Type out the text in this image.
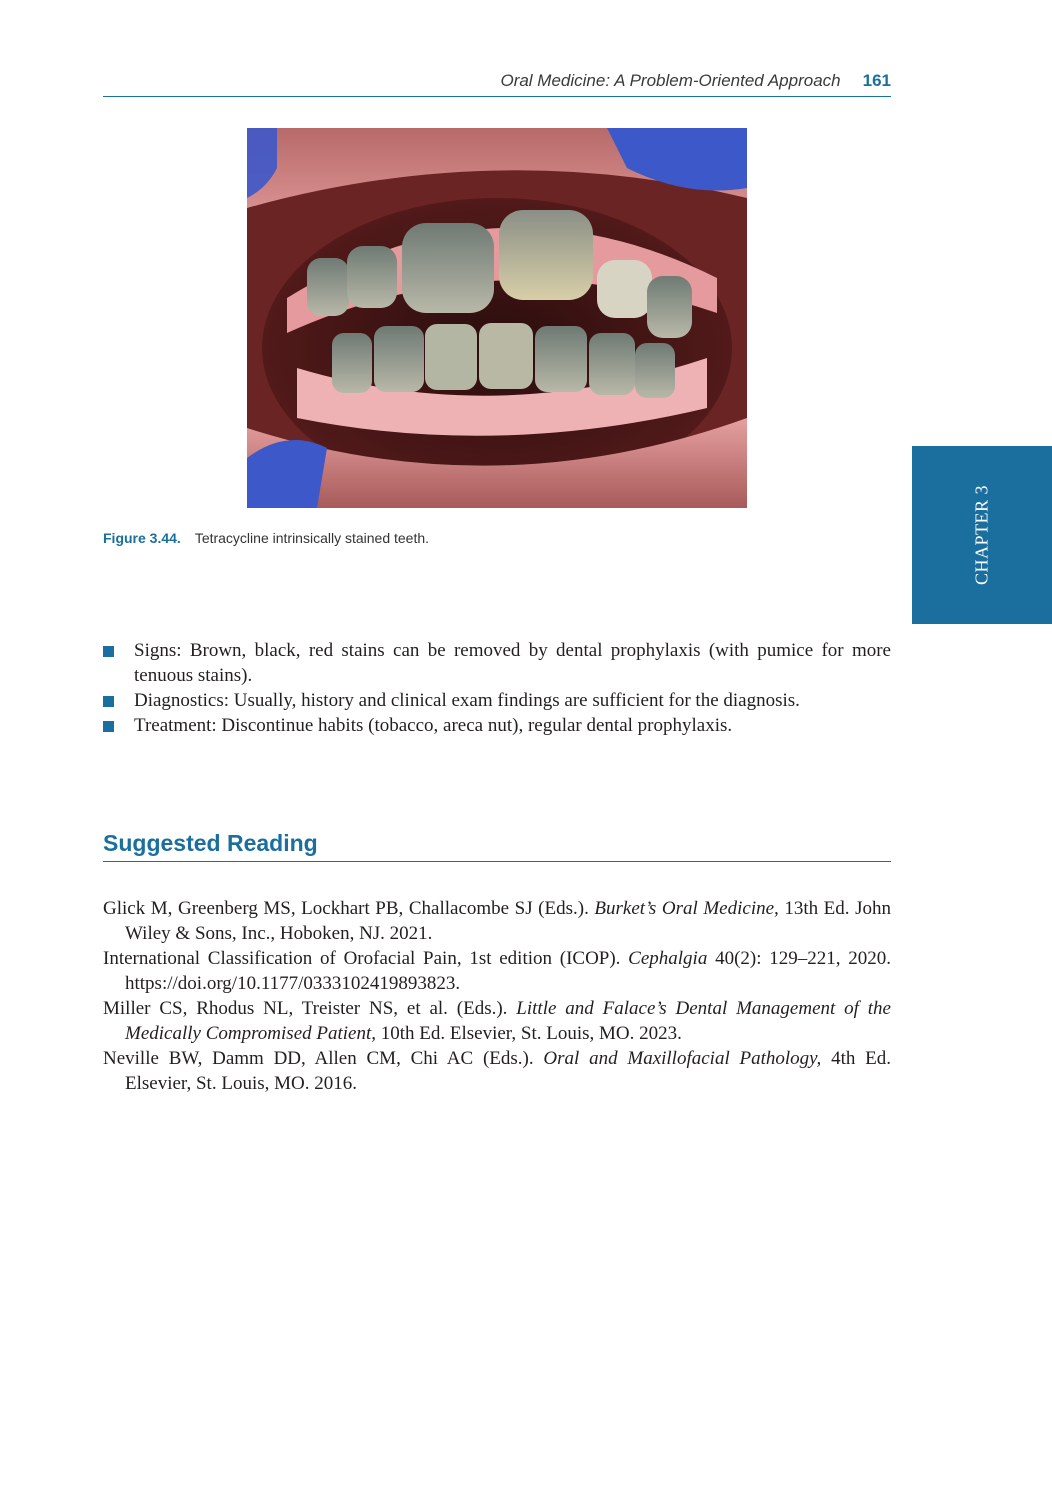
Oral Medicine: A Problem-Oriented Approach 161
Figure 3.44. Tetracycline intrinsically stained teeth.	CHAPTER 3
Signs: Brown, black, red stains can be removed by dental prophylaxis (with pumice for more tenuous stains).
Diagnostics: Usually, history and clinical exam findings are sufficient for the diagnosis.
Treatment: Discontinue habits (tobacco, areca nut), regular dental prophylaxis.
Suggested Reading

Glick M, Greenberg MS, Lockhart PB, Challacombe SJ (Eds.). Burket’s Oral Medicine, 13th Ed. John Wiley & Sons, Inc., Hoboken, NJ. 2021.

International Classification of Orofacial Pain, 1st edition (ICOP). Cephalgia 40(2): 129–221, 2020. https://doi.org/10.1177/0333102419893823.

Miller CS, Rhodus NL, Treister NS, et al. (Eds.). Little and Falace’s Dental Management of the Medically Compromised Patient, 10th Ed. Elsevier, St. Louis, MO. 2023.

Neville BW, Damm DD, Allen CM, Chi AC (Eds.). Oral and Maxillofacial Pathology, 4th Ed. Elsevier, St. Louis, MO. 2016.
